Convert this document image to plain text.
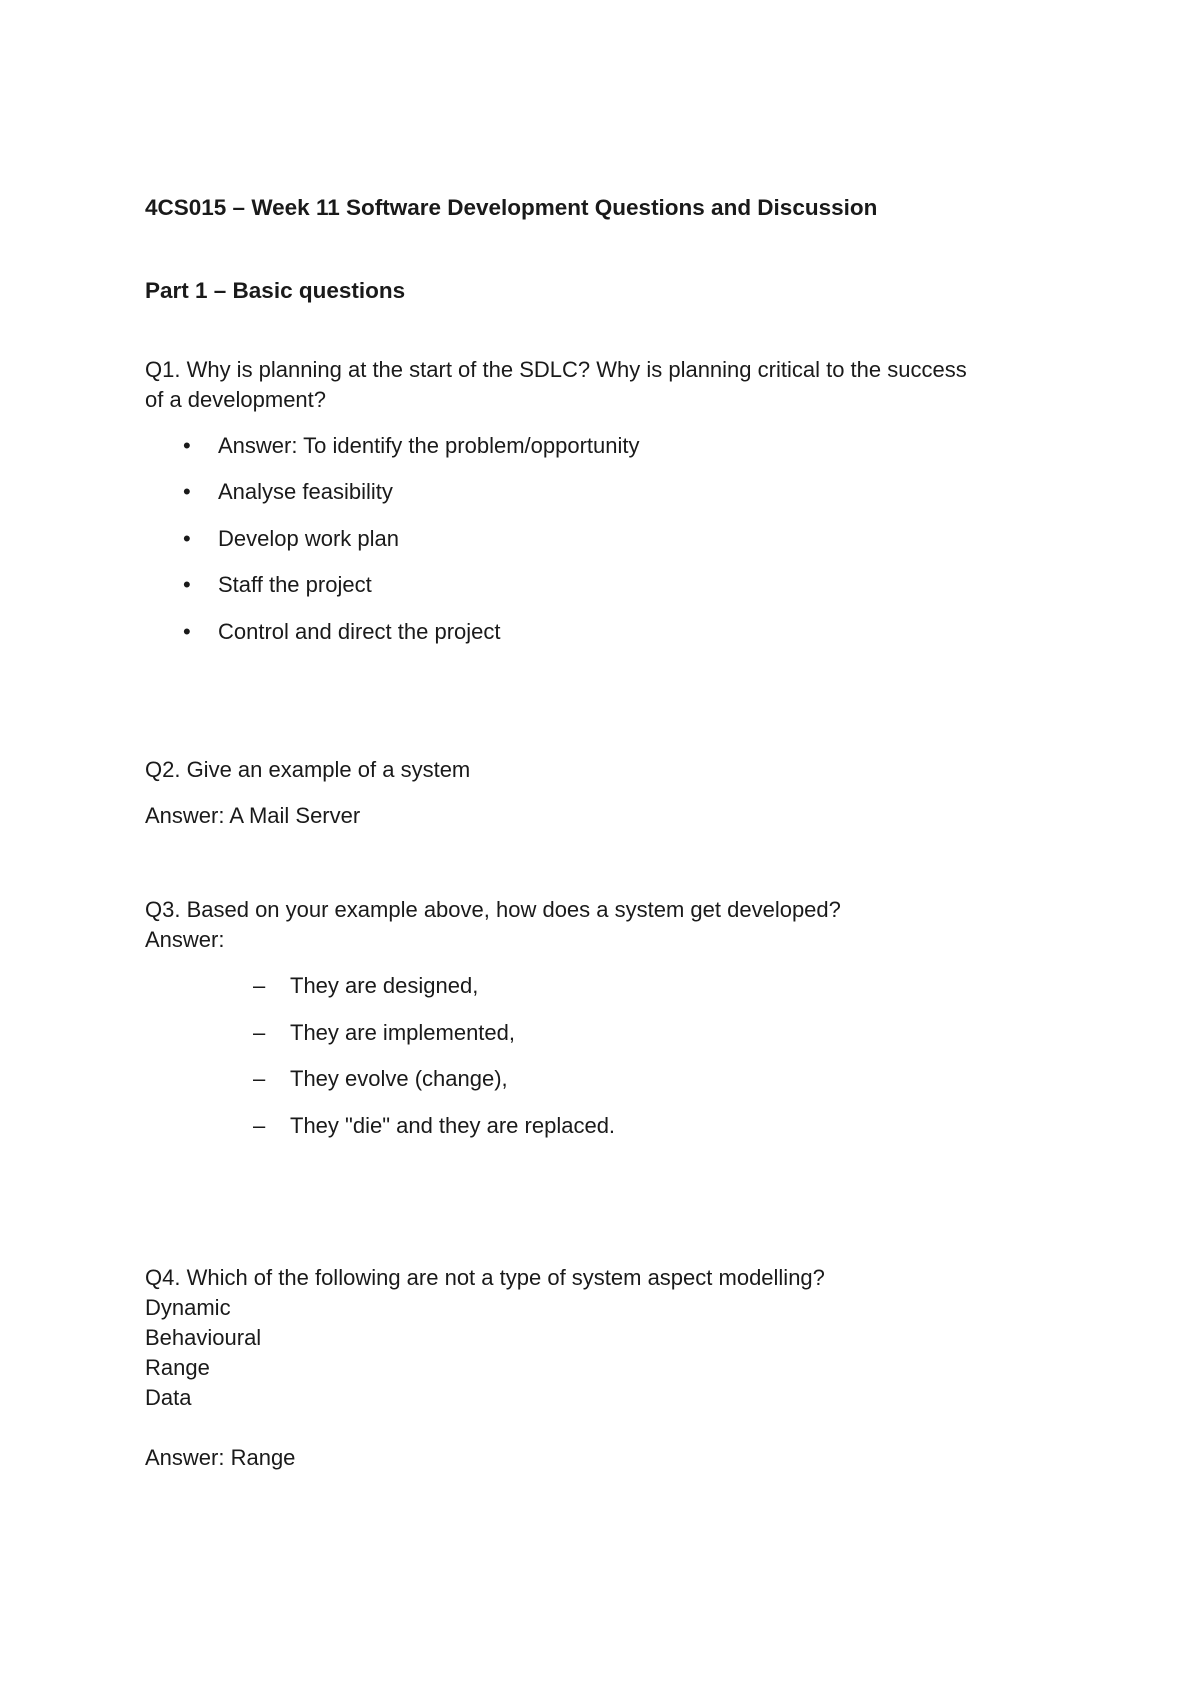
4CS015 – Week 11 Software Development Questions and Discussion
Part 1 – Basic questions
Q1. Why is planning at the start of the SDLC? Why is planning critical to the success
of a development?
• Answer: To identify the problem/opportunity
• Analyse feasibility
• Develop work plan
• Staff the project
• Control and direct the project
Q2. Give an example of a system
Answer: A Mail Server
Q3. Based on your example above, how does a system get developed?
Answer:
– They are designed,
– They are implemented,
– They evolve (change),
– They "die" and they are replaced.
Q4. Which of the following are not a type of system aspect modelling?
Dynamic
Behavioural
Range
Data
Answer: Range
